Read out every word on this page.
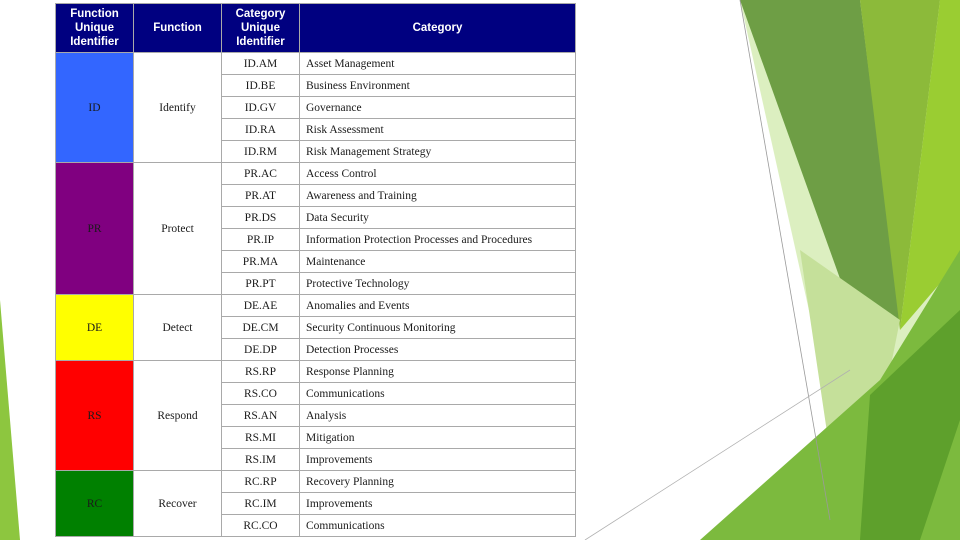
Function Unique Identifier	Function	Category Unique Identifier	Category
ID	Identify	ID.AM	Asset Management
		ID.BE	Business Environment
		ID.GV	Governance
		ID.RA	Risk Assessment
		ID.RM	Risk Management Strategy
PR	Protect	PR.AC	Access Control
		PR.AT	Awareness and Training
		PR.DS	Data Security
		PR.IP	Information Protection Processes and Procedures
		PR.MA	Maintenance
		PR.PT	Protective Technology
DE	Detect	DE.AE	Anomalies and Events
		DE.CM	Security Continuous Monitoring
		DE.DP	Detection Processes
RS	Respond	RS.RP	Response Planning
		RS.CO	Communications
		RS.AN	Analysis
		RS.MI	Mitigation
		RS.IM	Improvements
RC	Recover	RC.RP	Recovery Planning
		RC.IM	Improvements
		RC.CO	Communications
